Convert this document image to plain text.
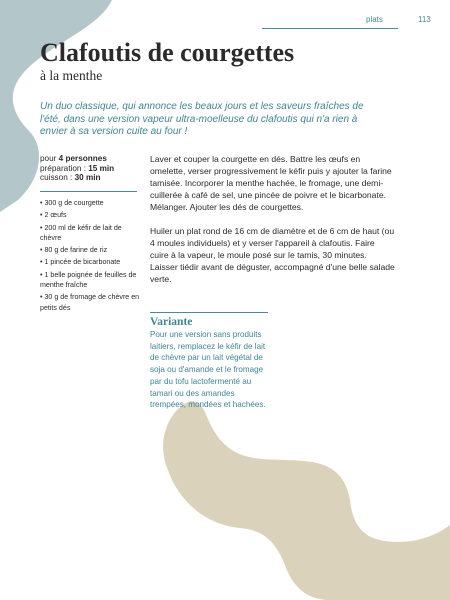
plats	113
Clafoutis de courgettes
à la menthe
Un duo classique, qui annonce les beaux jours et les saveurs fraîches de l'été, dans une version vapeur ultra-moelleuse du clafoutis qui n'a rien à envier à sa version cuite au four !
pour 4 personnes
préparation : 15 min
cuisson : 30 min
• 300 g de courgette
• 2 œufs
• 200 ml de kéfir de lait de chèvre
• 80 g de farine de riz
• 1 pincée de bicarbonate
• 1 belle poignée de feuilles de menthe fraîche
• 30 g de fromage de chèvre en petits dés

Laver et couper la courgette en dés. Battre les œufs en omelette, verser progressivement le kéfir puis y ajouter la farine tamisée. Incorporer la menthe hachée, le fromage, une demi-cuillerée à café de sel, une pincée de poivre et le bicarbonate. Mélanger. Ajouter les dés de courgettes.

Huiler un plat rond de 16 cm de diamètre et de 6 cm de haut (ou 4 moules individuels) et y verser l'appareil à clafoutis. Faire cuire à la vapeur, le moule posé sur le tamis, 30 minutes. Laisser tiédir avant de déguster, accompagné d'une belle salade verte.

Variante
Pour une version sans produits laitiers, remplacez le kéfir de lait de chèvre par un lait végétal de soja ou d'amande et le fromage par du tofu lactofermenté au tamari ou des amandes trempées, mondées et hachées.
